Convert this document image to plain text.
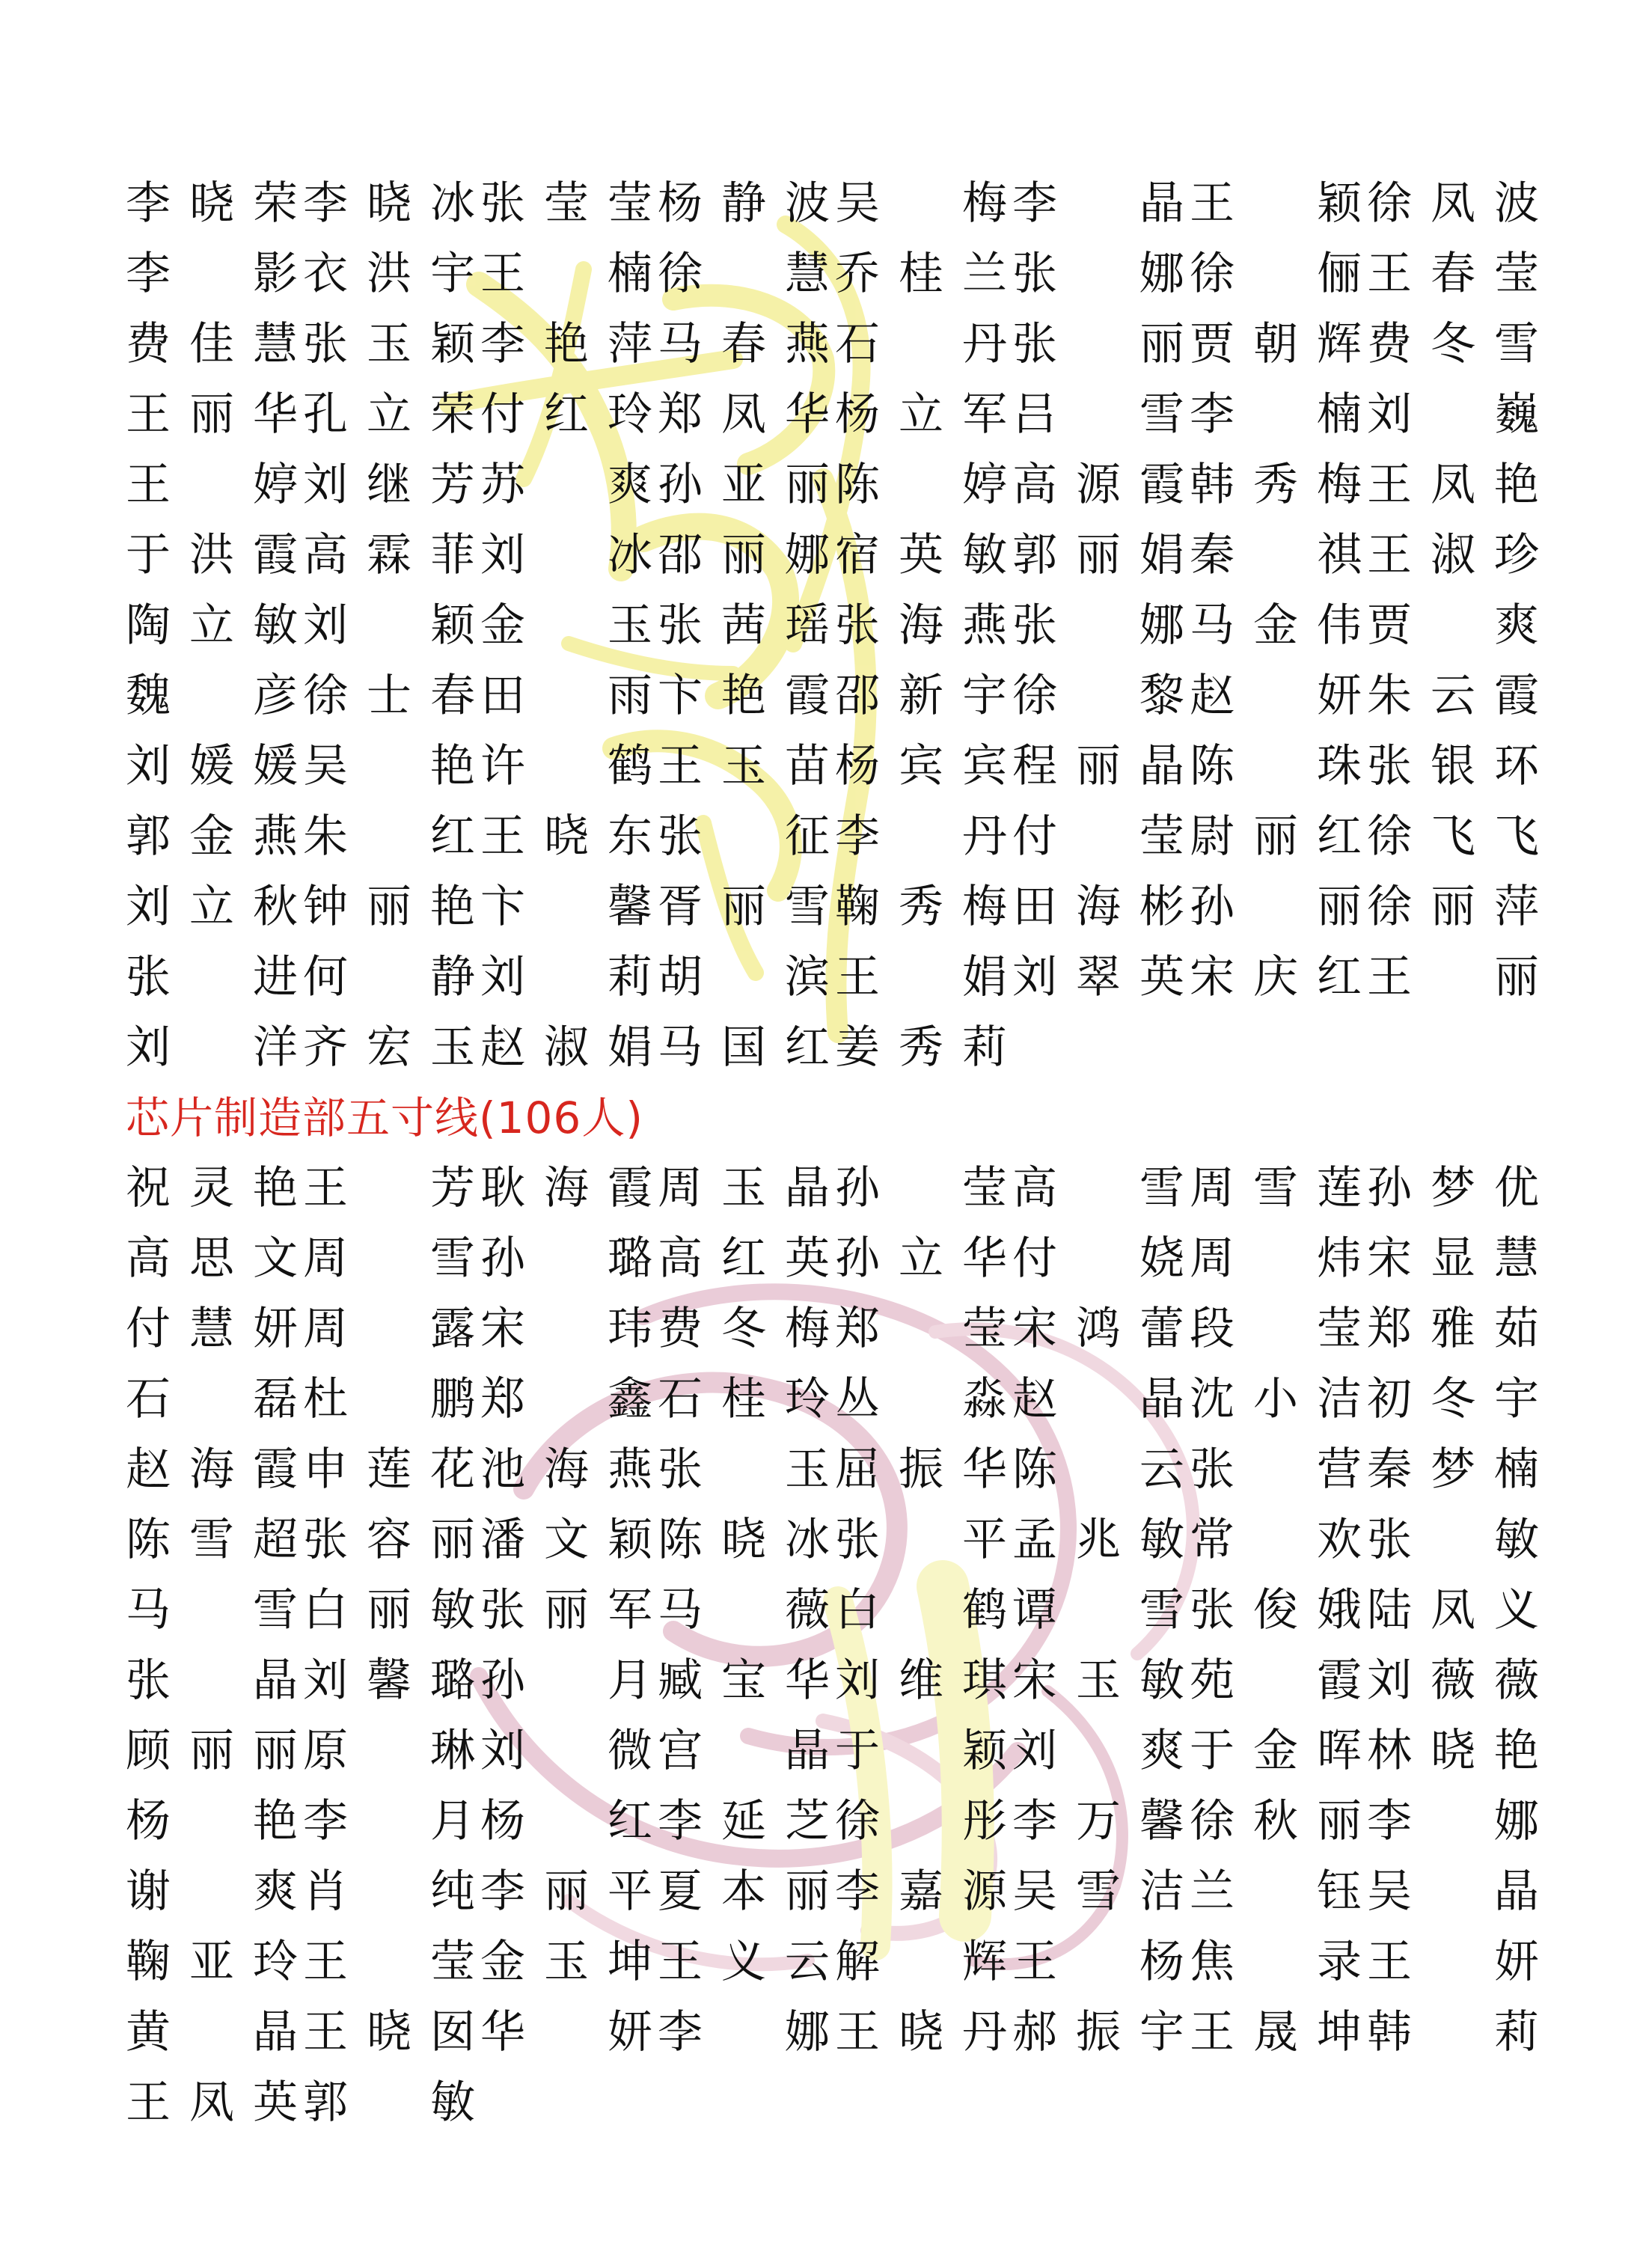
李 晓 荣 李 晓 冰 张 莹 莹 杨 静 波 吴 梅 李 晶 王 颖 徐 凤 波
李 影 衣 洪 宇 王 楠 徐 慧 乔 桂 兰 张 娜 徐 俪 王 春 莹
费 佳 慧 张 玉 颖 李 艳 萍 马 春 燕 石 丹 张 丽 贾 朝 辉 费 冬 雪
王 丽 华 孔 立 荣 付 红 玲 郑 凤 华 杨 立 军 吕 雪 李 楠 刘 巍
王 婷 刘 继 芳 苏 爽 孙 亚 丽 陈 婷 高 源 霞 韩 秀 梅 王 凤 艳
于 洪 霞 高 霖 菲 刘 冰 邵 丽 娜 宿 英 敏 郭 丽 娟 秦 祺 王 淑 珍
陶 立 敏 刘 颖 金 玉 张 茜 瑶 张 海 燕 张 娜 马 金 伟 贾 爽
魏 彦 徐 士 春 田 雨 卞 艳 霞 邵 新 宇 徐 黎 赵 妍 朱 云 霞
刘 媛 媛 吴 艳 许 鹤 王 玉 苗 杨 宾 宾 程 丽 晶 陈 珠 张 银 环
郭 金 燕 朱 红 王 晓 东 张 征 李 丹 付 莹 尉 丽 红 徐 飞 飞
刘 立 秋 钟 丽 艳 卞 馨 胥 丽 雪 鞠 秀 梅 田 海 彬 孙 丽 徐 丽 萍
张 进 何 静 刘 莉 胡 滨 王 娟 刘 翠 英 宋 庆 红 王 丽
刘 洋 齐 宏 玉 赵 淑 娟 马 国 红 姜 秀 莉
芯片制造部五寸线(106人)
祝 灵 艳 王 芳 耿 海 霞 周 玉 晶 孙 莹 高 雪 周 雪 莲 孙 梦 优
高 思 文 周 雪 孙 璐 高 红 英 孙 立 华 付 娆 周 炜 宋 显 慧
付 慧 妍 周 露 宋 玮 费 冬 梅 郑 莹 宋 鸿 蕾 段 莹 郑 雅 茹
石 磊 杜 鹏 郑 鑫 石 桂 玲 丛 淼 赵 晶 沈 小 洁 初 冬 宇
赵 海 霞 申 莲 花 池 海 燕 张 玉 屈 振 华 陈 云 张 营 秦 梦 楠
陈 雪 超 张 容 丽 潘 文 颖 陈 晓 冰 张 平 孟 兆 敏 常 欢 张 敏
马 雪 白 丽 敏 张 丽 军 马 薇 白 鹤 谭 雪 张 俊 娥 陆 凤 义
张 晶 刘 馨 璐 孙 月 臧 宝 华 刘 维 琪 宋 玉 敏 苑 霞 刘 薇 薇
顾 丽 丽 原 琳 刘 微 宫 晶 于 颖 刘 爽 于 金 晖 林 晓 艳
杨 艳 李 月 杨 红 李 延 芝 徐 彤 李 万 馨 徐 秋 丽 李 娜
谢 爽 肖 纯 李 丽 平 夏 本 丽 李 嘉 源 吴 雪 洁 兰 钰 吴 晶
鞠 亚 玲 王 莹 金 玉 坤 王 义 云 解 辉 王 杨 焦 录 王 妍
黄 晶 王 晓 囡 华 妍 李 娜 王 晓 丹 郝 振 宇 王 晟 坤 韩 莉
王 凤 英 郭 敏
